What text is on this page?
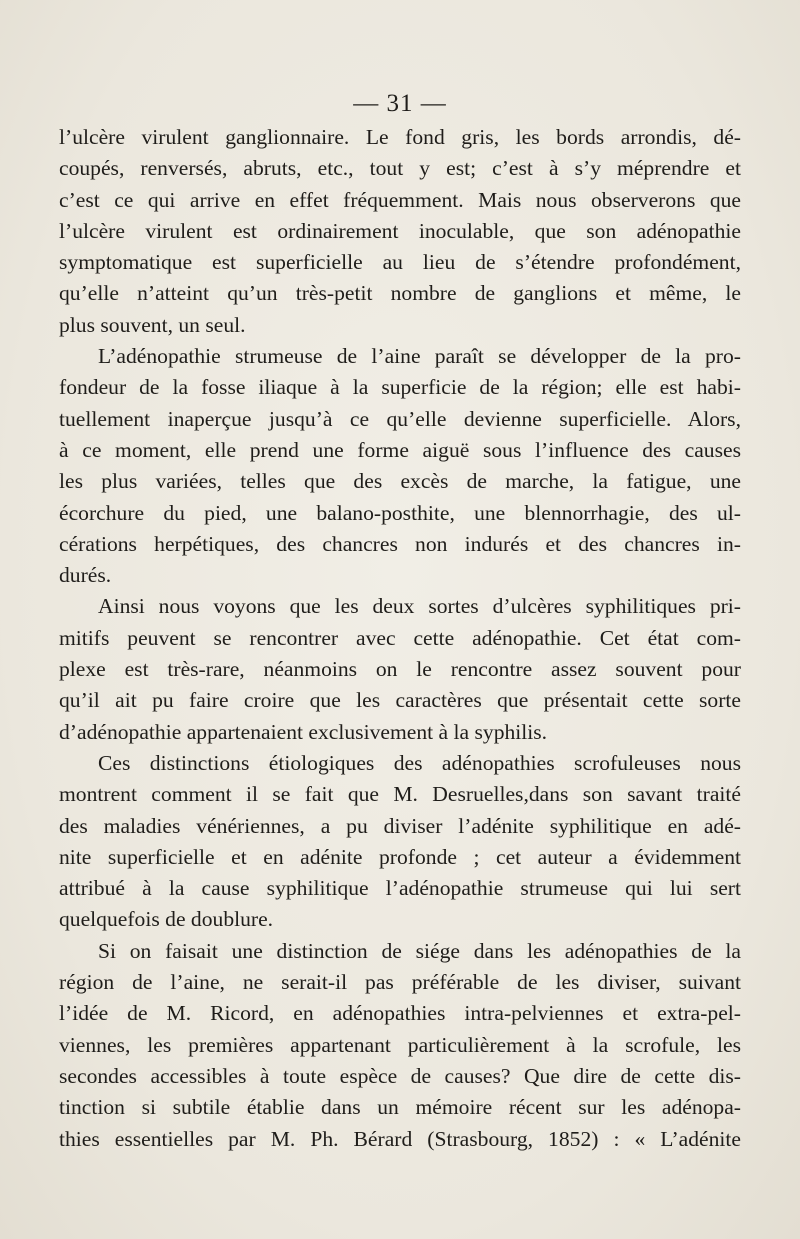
— 31 —
l’ulcère virulent ganglionnaire. Le fond gris, les bords arrondis, dé-
coupés, renversés, abruts, etc., tout y est; c’est à s’y méprendre et
c’est ce qui arrive en effet fréquemment. Mais nous observerons que
l’ulcère virulent est ordinairement inoculable, que son adénopathie
symptomatique est superficielle au lieu de s’étendre profondément,
qu’elle n’atteint qu’un très-petit nombre de ganglions et même, le
plus souvent, un seul.
L’adénopathie strumeuse de l’aine paraît se développer de la pro-
fondeur de la fosse iliaque à la superficie de la région; elle est habi-
tuellement inaperçue jusqu’à ce qu’elle devienne superficielle. Alors,
à ce moment, elle prend une forme aiguë sous l’influence des causes
les plus variées, telles que des excès de marche, la fatigue, une
écorchure du pied, une balano-posthite, une blennorrhagie, des ul-
cérations herpétiques, des chancres non indurés et des chancres in-
durés.
Ainsi nous voyons que les deux sortes d’ulcères syphilitiques pri-
mitifs peuvent se rencontrer avec cette adénopathie. Cet état com-
plexe est très-rare, néanmoins on le rencontre assez souvent pour
qu’il ait pu faire croire que les caractères que présentait cette sorte
d’adénopathie appartenaient exclusivement à la syphilis.
Ces distinctions étiologiques des adénopathies scrofuleuses nous
montrent comment il se fait que M. Desruelles,dans son savant traité
des maladies vénériennes, a pu diviser l’adénite syphilitique en adé-
nite superficielle et en adénite profonde ; cet auteur a évidemment
attribué à la cause syphilitique l’adénopathie strumeuse qui lui sert
quelquefois de doublure.
Si on faisait une distinction de siége dans les adénopathies de la
région de l’aine, ne serait-il pas préférable de les diviser, suivant
l’idée de M. Ricord, en adénopathies intra-pelviennes et extra-pel-
viennes, les premières appartenant particulièrement à la scrofule, les
secondes accessibles à toute espèce de causes? Que dire de cette dis-
tinction si subtile établie dans un mémoire récent sur les adénopa-
thies essentielles par M. Ph. Bérard (Strasbourg, 1852) : « L’adénite
